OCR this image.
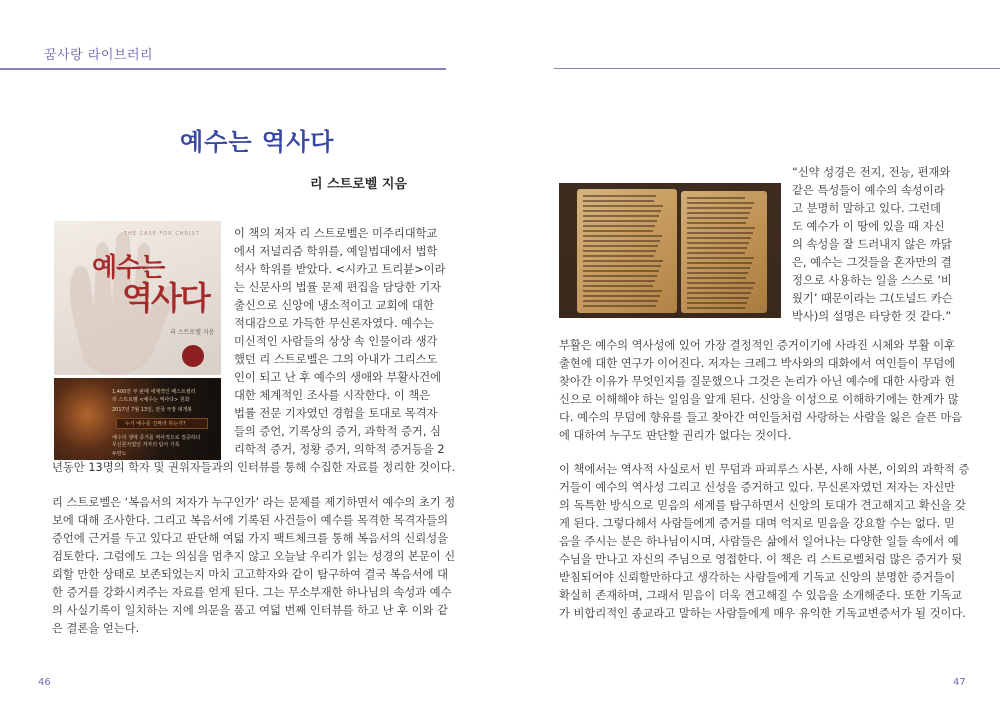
꿈사랑 라이브러리
예수는 역사다
리 스트로벨 지음
THE CASE FOR CHRIST
예수는
역사다
리 스트로벨 지음
1,400만 부 판매 세계적인 베스트셀러
리 스트로벨 <예수는 역사다> 원화
2017년 7월 13일, 전국 극장 대개봉
누가 예수를 진짜라 하는가?
예수의 생애 증거를 역사적으로 검증하다
무신론자였던 저자의 탐사 기록
두란노
이 책의 저자 리 스트로벨은 미주리대학교
에서 저널리즘 학위를, 예일법대에서 법학
석사 학위를 받았다. <시카고 트리뷴>이라
는 신문사의 법률 문제 편집을 담당한 기자
출신으로 신앙에 냉소적이고 교회에 대한
적대감으로 가득한 무신론자였다. 예수는
미신적인 사람들의 상상 속 인물이라 생각
했던 리 스트로벨은 그의 아내가 그리스도
인이 되고 난 후 예수의 생애와 부활사건에
대한 체계적인 조사를 시작한다. 이 책은
법률 전문 기자였던 경험을 토대로 목격자
들의 증언, 기록상의 증거, 과학적 증거, 심
리학적 증거, 정황 증거, 의학적 증거등을 2
년동안 13명의 학자 및 권위자들과의 인터뷰를 통해 수집한 자료를 정리한 것이다.
리 스트로벨은 ‘복음서의 저자가 누구인가’ 라는 문제를 제기하면서 예수의 초기 정
보에 대해 조사한다. 그리고 복음서에 기록된 사건들이 예수를 목격한 목격자들의
증언에 근거를 두고 있다고 판단해 여덟 가지 팩트체크를 통해 복음서의 신뢰성을
검토한다. 그럼에도 그는 의심을 멈추지 않고 오늘날 우리가 읽는 성경의 본문이 신
뢰할 만한 상태로 보존되었는지 마치 고고학자와 같이 탐구하여 결국 복음서에 대
한 증거를 강화시켜주는 자료를 얻게 된다. 그는 무소부재한 하나님의 속성과 예수
의 사실기록이 일치하는 지에 의문을 품고 여덟 번째 인터뷰를 하고 난 후 이와 같
은 결론을 얻는다.
“신약 성경은 전지, 전능, 편재와
같은 특성들이 예수의 속성이라
고 분명히 말하고 있다. 그런데
도 예수가 이 땅에 있을 때 자신
의 속성을 잘 드러내지 않은 까닭
은, 예수는 그것들을 혼자만의 결
정으로 사용하는 일을 스스로 ‘비
웠기’ 때문이라는 그(도널드 카슨
박사)의 설명은 타당한 것 같다.”
부활은 예수의 역사성에 있어 가장 결정적인 증거이기에 사라진 시체와 부활 이후
출현에 대한 연구가 이어진다. 저자는 크레그 박사와의 대화에서 여인들이 무덤에
찾아간 이유가 무엇인지를 질문했으나 그것은 논리가 아닌 예수에 대한 사랑과 헌
신으로 이해해야 하는 일임을 알게 된다. 신앙을 이성으로 이해하기에는 한계가 많
다. 예수의 무덤에 향유를 들고 찾아간 여인들처럼 사랑하는 사람을 잃은 슬픈 마음
에 대하여 누구도 판단할 권리가 없다는 것이다.
이 책에서는 역사적 사실로서 빈 무덤과 파피루스 사본, 사해 사본, 이외의 과학적 증
거들이 예수의 역사성 그리고 신성을 증거하고 있다. 무신론자였던 저자는 자신만
의 독특한 방식으로 믿음의 세계를 탐구하면서 신앙의 토대가 견고해지고 확신을 갖
게 된다. 그렇다해서 사람들에게 증거를 대며 억지로 믿음을 강요할 수는 없다. 믿
음을 주시는 분은 하나님이시며, 사람들은 삶에서 일어나는 다양한 일들 속에서 예
수님을 만나고 자신의 주님으로 영접한다. 이 책은 리 스트로벨처럼 많은 증거가 뒷
받침되어야 신뢰할만하다고 생각하는 사람들에게 기독교 신앙의 분명한 증거들이
확실히 존재하며, 그래서 믿음이 더욱 견고해질 수 있음을 소개해준다. 또한 기독교
가 비합리적인 종교라고 말하는 사람들에게 매우 유익한 기독교변증서가 될 것이다.
46	47
